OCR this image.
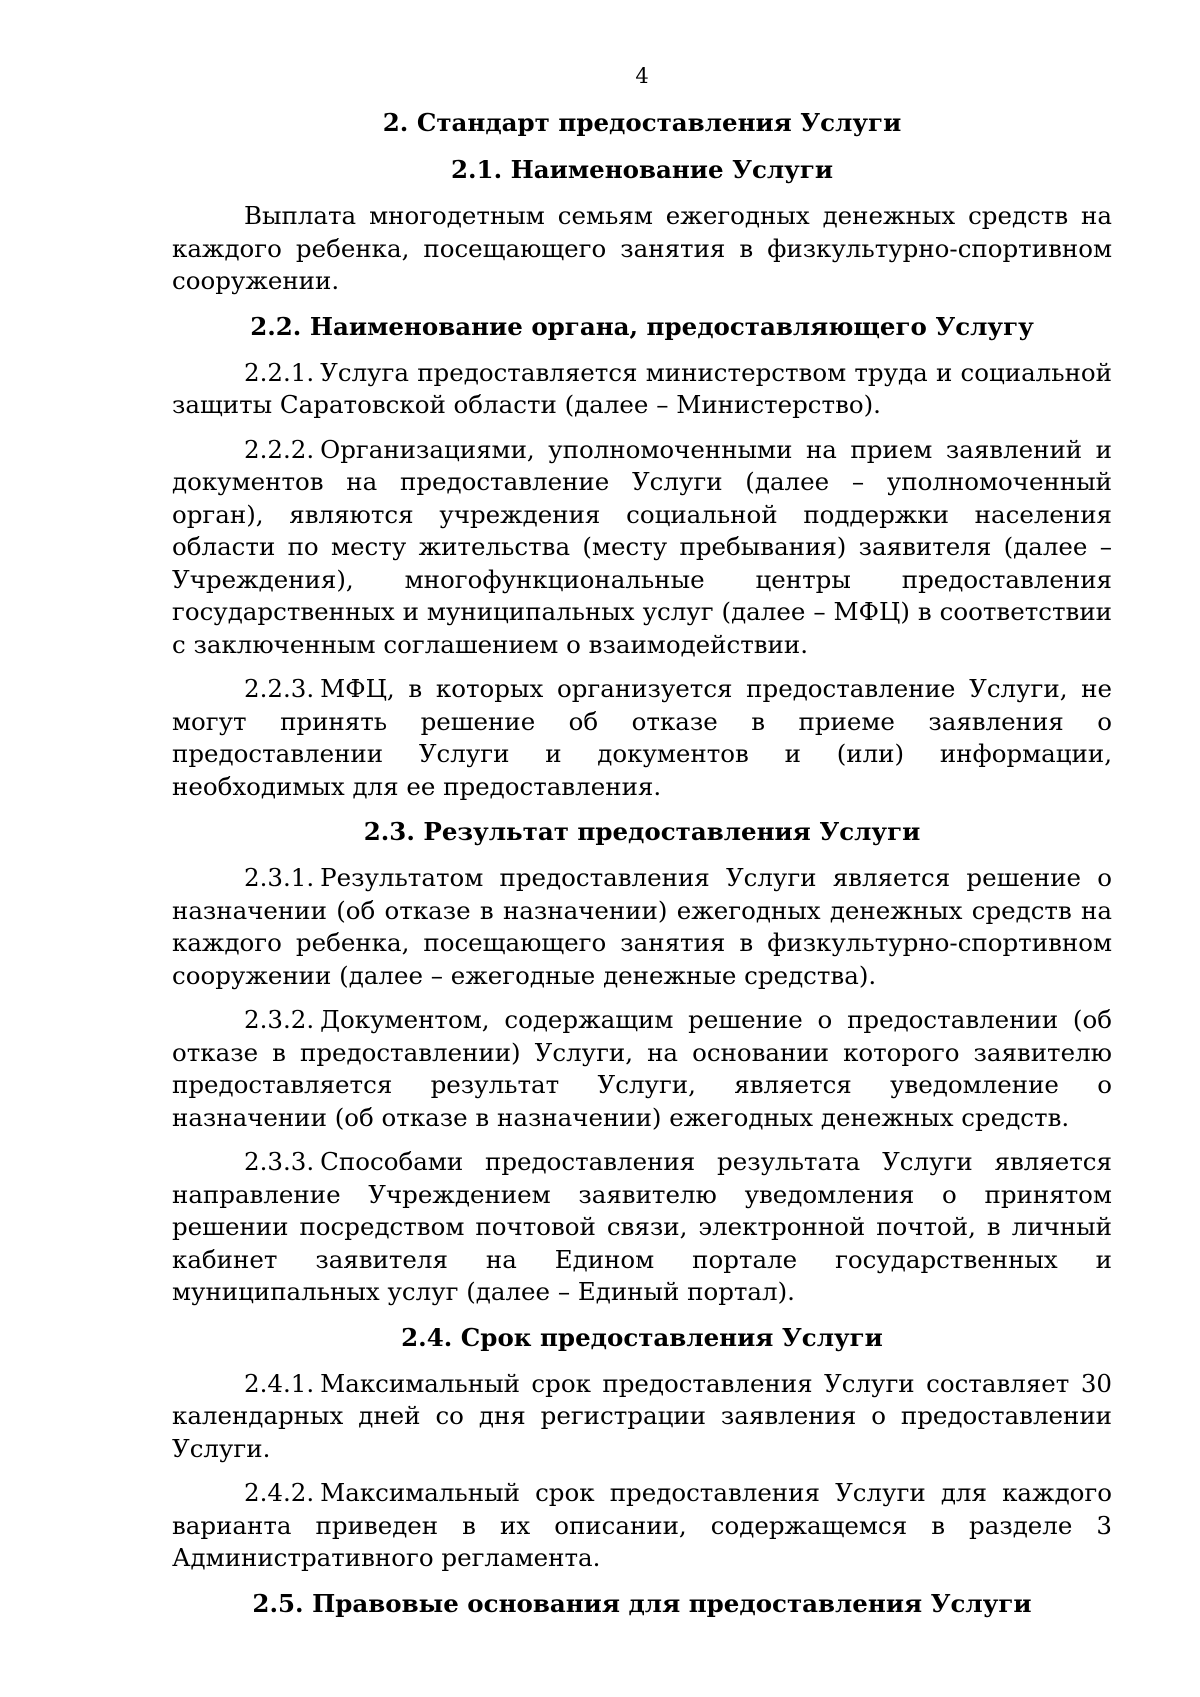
4
2. Стандарт предоставления Услуги
2.1. Наименование Услуги

Выплата многодетным семьям ежегодных денежных средств на каждого ребенка, посещающего занятия в физкультурно-спортивном сооружении.

2.2. Наименование органа, предоставляющего Услугу

2.2.1. Услуга предоставляется министерством труда и социальной защиты Саратовской области (далее – Министерство).

2.2.2. Организациями, уполномоченными на прием заявлений и документов на предоставление Услуги (далее – уполномоченный орган), являются учреждения социальной поддержки населения области по месту жительства (месту пребывания) заявителя (далее – Учреждения), многофункциональные центры предоставления государственных и муниципальных услуг (далее – МФЦ) в соответствии с заключенным соглашением о взаимодействии.

2.2.3. МФЦ, в которых организуется предоставление Услуги, не могут принять решение об отказе в приеме заявления о предоставлении Услуги и документов и (или) информации, необходимых для ее предоставления.

2.3. Результат предоставления Услуги

2.3.1. Результатом предоставления Услуги является решение о назначении (об отказе в назначении) ежегодных денежных средств на каждого ребенка, посещающего занятия в физкультурно-спортивном сооружении (далее – ежегодные денежные средства).

2.3.2. Документом, содержащим решение о предоставлении (об отказе в предоставлении) Услуги, на основании которого заявителю предоставляется результат Услуги, является уведомление о назначении (об отказе в назначении) ежегодных денежных средств.

2.3.3. Способами предоставления результата Услуги является направление Учреждением заявителю уведомления о принятом решении посредством почтовой связи, электронной почтой, в личный кабинет заявителя на Едином портале государственных и муниципальных услуг (далее – Единый портал).

2.4. Срок предоставления Услуги

2.4.1. Максимальный срок предоставления Услуги составляет 30 календарных дней со дня регистрации заявления о предоставлении Услуги.

2.4.2. Максимальный срок предоставления Услуги для каждого варианта приведен в их описании, содержащемся в разделе 3 Административного регламента.

2.5. Правовые основания для предоставления Услуги
